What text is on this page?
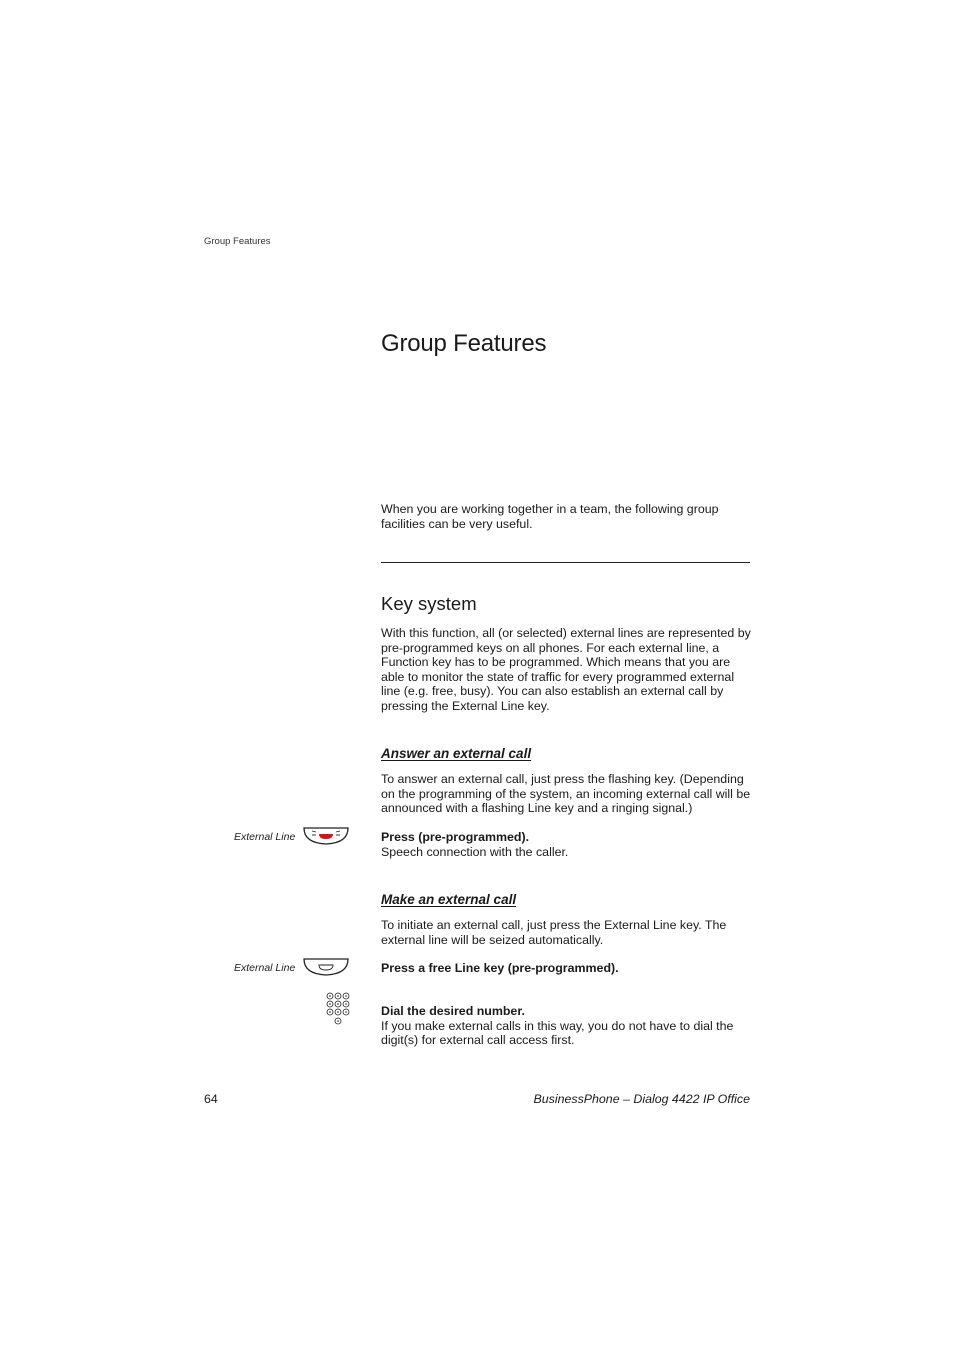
Group Features
Group Features

When you are working together in a team, the following group facilities can be very useful.

Key system

With this function, all (or selected) external lines are represented by pre-programmed keys on all phones. For each external line, a Function key has to be programmed. Which means that you are able to monitor the state of traffic for every programmed external line (e.g. free, busy). You can also establish an external call by pressing the External Line key.

Answer an external call

To answer an external call, just press the flashing key. (Depending on the programming of the system, an incoming external call will be announced with a flashing Line key and a ringing signal.)

External Line	Press (pre-programmed).
Speech connection with the caller.
Make an external call

To initiate an external call, just press the External Line key. The external line will be seized automatically.

External Line	Press a free Line key (pre-programmed).
Dial the desired number.
If you make external calls in this way, you do not have to dial the digit(s) for external call access first.
64	BusinessPhone – Dialog 4422 IP Office
